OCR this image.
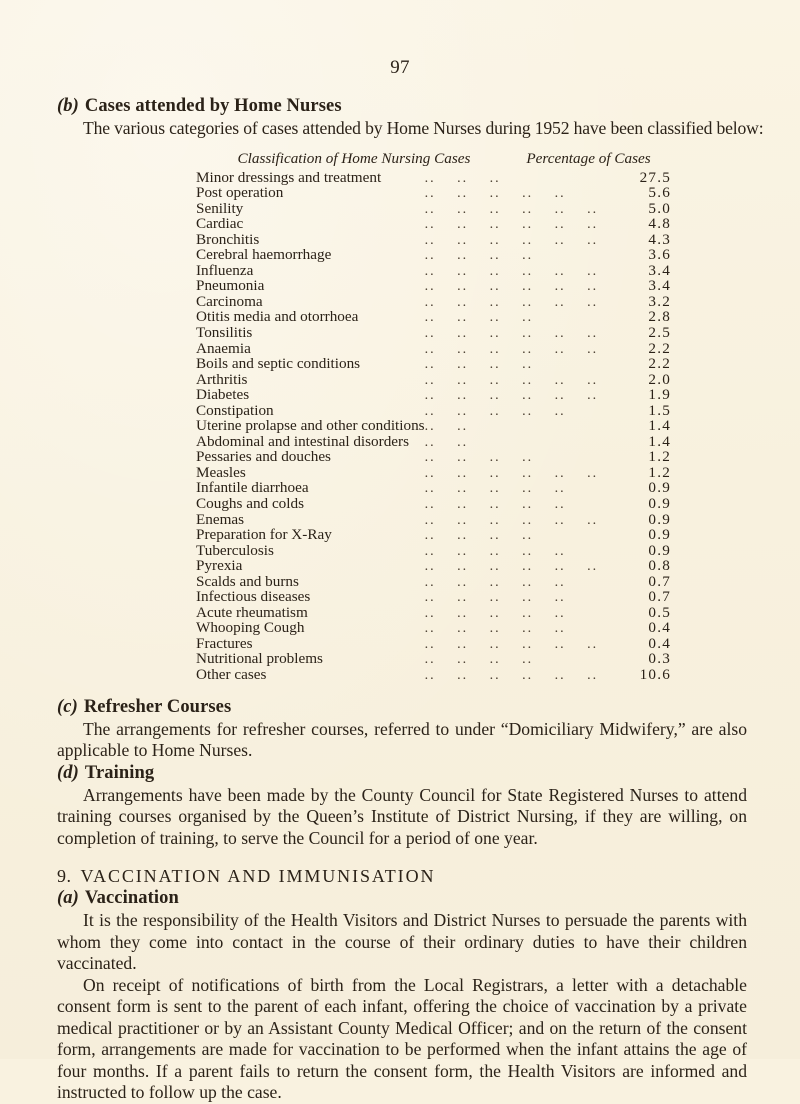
97
(b) Cases attended by Home Nurses

The various categories of cases attended by Home Nurses during 1952 have been classified below:

Classification of Home Nursing Cases	Percentage of Cases
Minor dressings and treatment	.. .. ..	27.5
Post operation	.. .. .. .. ..	5.6
Senility	.. .. .. .. .. ..	5.0
Cardiac	.. .. .. .. .. ..	4.8
Bronchitis	.. .. .. .. .. ..	4.3
Cerebral haemorrhage	.. .. .. ..	3.6
Influenza	.. .. .. .. .. ..	3.4
Pneumonia	.. .. .. .. .. ..	3.4
Carcinoma	.. .. .. .. .. ..	3.2
Otitis media and otorrhoea	.. .. .. ..	2.8
Tonsilitis	.. .. .. .. .. ..	2.5
Anaemia	.. .. .. .. .. ..	2.2
Boils and septic conditions	.. .. .. ..	2.2
Arthritis	.. .. .. .. .. ..	2.0
Diabetes	.. .. .. .. .. ..	1.9
Constipation	.. .. .. .. ..	1.5
Uterine prolapse and other conditions	.. ..	1.4
Abdominal and intestinal disorders	.. ..	1.4
Pessaries and douches	.. .. .. ..	1.2
Measles	.. .. .. .. .. ..	1.2
Infantile diarrhoea	.. .. .. .. ..	0.9
Coughs and colds	.. .. .. .. ..	0.9
Enemas	.. .. .. .. .. ..	0.9
Preparation for X-Ray	.. .. .. ..	0.9
Tuberculosis	.. .. .. .. ..	0.9
Pyrexia	.. .. .. .. .. ..	0.8
Scalds and burns	.. .. .. .. ..	0.7
Infectious diseases	.. .. .. .. ..	0.7
Acute rheumatism	.. .. .. .. ..	0.5
Whooping Cough	.. .. .. .. ..	0.4
Fractures	.. .. .. .. .. ..	0.4
Nutritional problems	.. .. .. ..	0.3
Other cases	.. .. .. .. .. ..	10.6
(c) Refresher Courses

The arrangements for refresher courses, referred to under “Domiciliary Midwifery,” are also applicable to Home Nurses.

(d) Training

Arrangements have been made by the County Council for State Registered Nurses to attend training courses organised by the Queen’s Institute of District Nursing, if they are willing, on completion of training, to serve the Council for a period of one year.

9. VACCINATION AND IMMUNISATION
(a) Vaccination

It is the responsibility of the Health Visitors and District Nurses to persuade the parents with whom they come into contact in the course of their ordinary duties to have their children vaccinated.

On receipt of notifications of birth from the Local Registrars, a letter with a detachable consent form is sent to the parent of each infant, offering the choice of vaccination by a private medical practitioner or by an Assistant County Medical Officer; and on the return of the consent form, arrangements are made for vaccination to be performed when the infant attains the age of four months. If a parent fails to return the consent form, the Health Visitors are informed and instructed to follow up the case.
